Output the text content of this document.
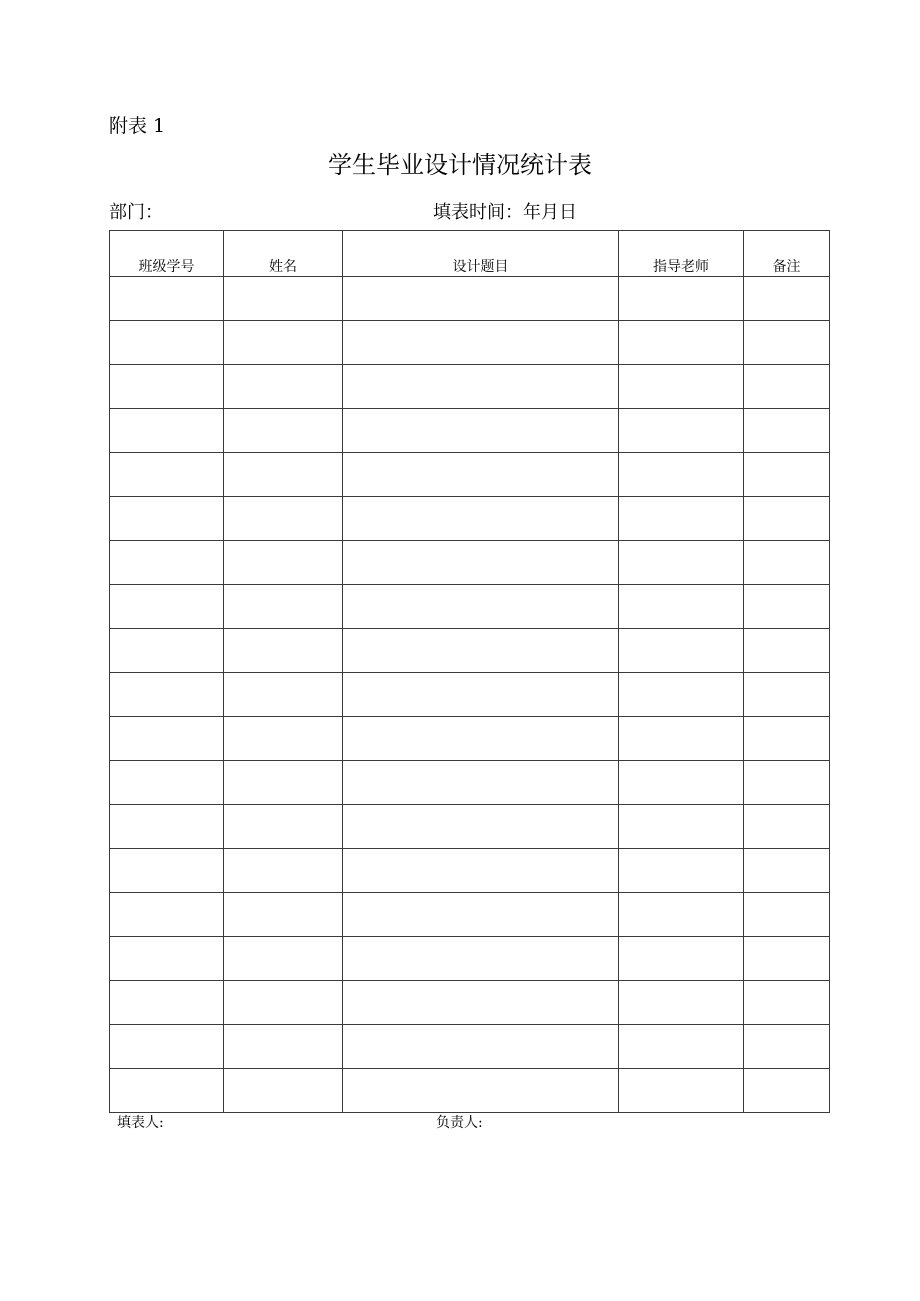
附表 1
学生毕业设计情况统计表
部门：	填表时间：年月日
班级学号	姓名	设计题目	指导老师	备注

填表人:	负责人:
